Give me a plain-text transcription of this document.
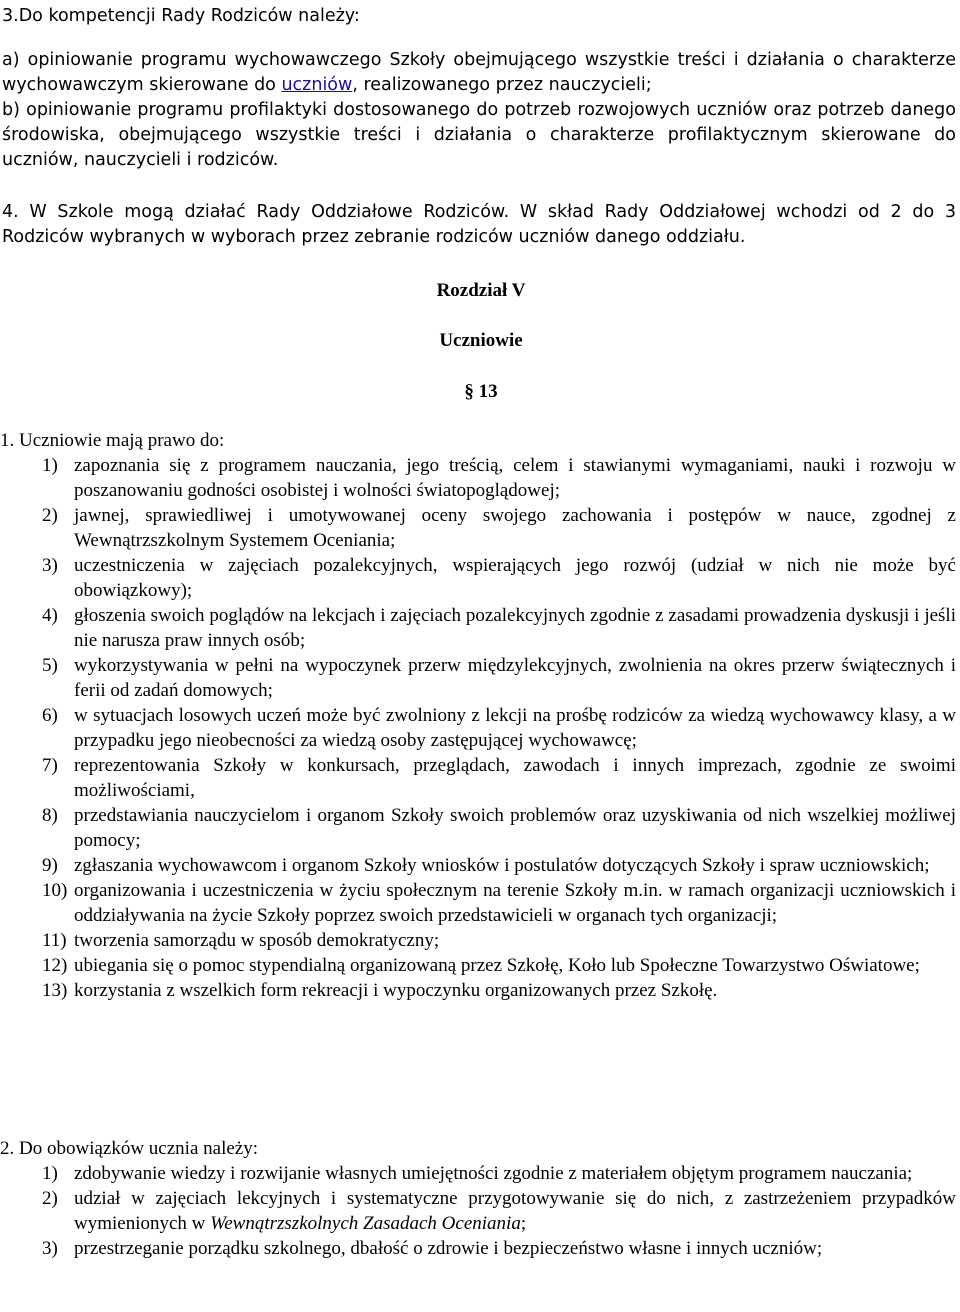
3.Do kompetencji Rady Rodziców należy:

a) opiniowanie programu wychowawczego Szkoły obejmującego wszystkie treści i działania o charakterze wychowawczym skierowane do uczniów, realizowanego przez nauczycieli;

b) opiniowanie programu profilaktyki dostosowanego do potrzeb rozwojowych uczniów oraz potrzeb danego środowiska, obejmującego wszystkie treści i działania o charakterze profilaktycznym skierowane do uczniów, nauczycieli i rodziców.

4. W Szkole mogą działać Rady Oddziałowe Rodziców. W skład Rady Oddziałowej wchodzi od 2 do 3 Rodziców wybranych w wyborach przez zebranie rodziców uczniów danego oddziału.

Rozdział V

Uczniowie

§ 13

1. Uczniowie mają prawo do:

1) zapoznania się z programem nauczania, jego treścią, celem i stawianymi wymaganiami, nauki i rozwoju w poszanowaniu godności osobistej i wolności światopoglądowej;
2) jawnej, sprawiedliwej i umotywowanej oceny swojego zachowania i postępów w nauce, zgodnej z Wewnątrzszkolnym Systemem Oceniania;
3) uczestniczenia w zajęciach pozalekcyjnych, wspierających jego rozwój (udział w nich nie może być obowiązkowy);
4) głoszenia swoich poglądów na lekcjach i zajęciach pozalekcyjnych zgodnie z zasadami prowadzenia dyskusji i jeśli nie narusza praw innych osób;
5) wykorzystywania w pełni na wypoczynek przerw międzylekcyjnych, zwolnienia na okres przerw świątecznych i ferii od zadań domowych;
6) w sytuacjach losowych uczeń może być zwolniony z lekcji na prośbę rodziców za wiedzą wychowawcy klasy, a w przypadku jego nieobecności za wiedzą osoby zastępującej wychowawcę;
7) reprezentowania Szkoły w konkursach, przeglądach, zawodach i innych imprezach, zgodnie ze swoimi możliwościami,
8) przedstawiania nauczycielom i organom Szkoły swoich problemów oraz uzyskiwania od nich wszelkiej możliwej pomocy;
9) zgłaszania wychowawcom i organom Szkoły wniosków i postulatów dotyczących Szkoły i spraw uczniowskich;
10) organizowania i uczestniczenia w życiu społecznym na terenie Szkoły m.in. w ramach organizacji uczniowskich i oddziaływania na życie Szkoły poprzez swoich przedstawicieli w organach tych organizacji;
11) tworzenia samorządu w sposób demokratyczny;
12) ubiegania się o pomoc stypendialną organizowaną przez Szkołę, Koło lub Społeczne Towarzystwo Oświatowe;
13) korzystania z wszelkich form rekreacji i wypoczynku organizowanych przez Szkołę.

2. Do obowiązków ucznia należy:

1) zdobywanie wiedzy i rozwijanie własnych umiejętności zgodnie z materiałem objętym programem nauczania;
2) udział w zajęciach lekcyjnych i systematyczne przygotowywanie się do nich, z zastrzeżeniem przypadków wymienionych w Wewnątrzszkolnych Zasadach Oceniania;
3) przestrzeganie porządku szkolnego, dbałość o zdrowie i bezpieczeństwo własne i innych uczniów;
